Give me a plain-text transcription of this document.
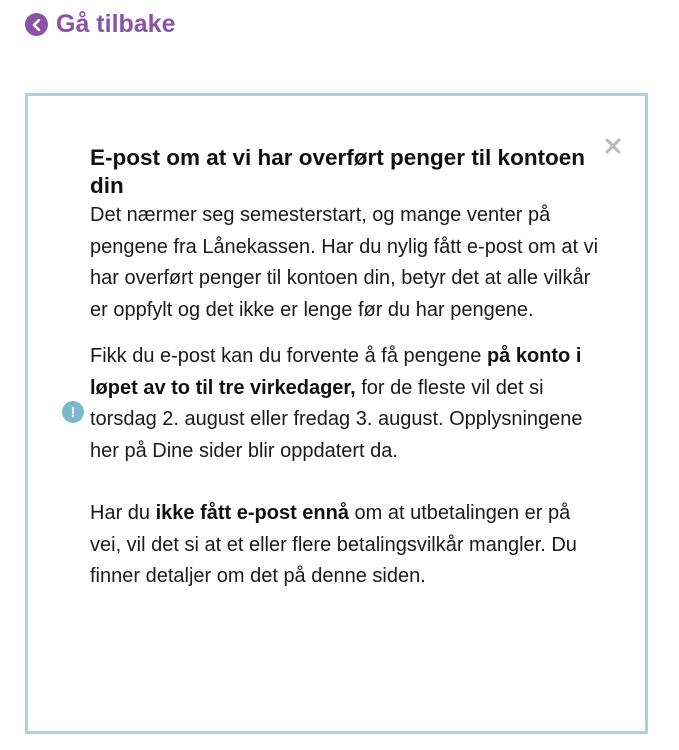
Gå tilbake
!
E-post om at vi har overført penger til kontoen din

Det nærmer seg semesterstart, og mange venter på pengene fra Lånekassen. Har du nylig fått e-post om at vi har overført penger til kontoen din, betyr det at alle vilkår er oppfylt og det ikke er lenge før du har pengene.

Fikk du e-post kan du forvente å få pengene på konto i løpet av to til tre virkedager, for de fleste vil det si torsdag 2. august eller fredag 3. august. Opplysningene her på Dine sider blir oppdatert da.

Har du ikke fått e-post ennå om at utbetalingen er på vei, vil det si at et eller flere betalingsvilkår mangler. Du finner detaljer om det på denne siden.
